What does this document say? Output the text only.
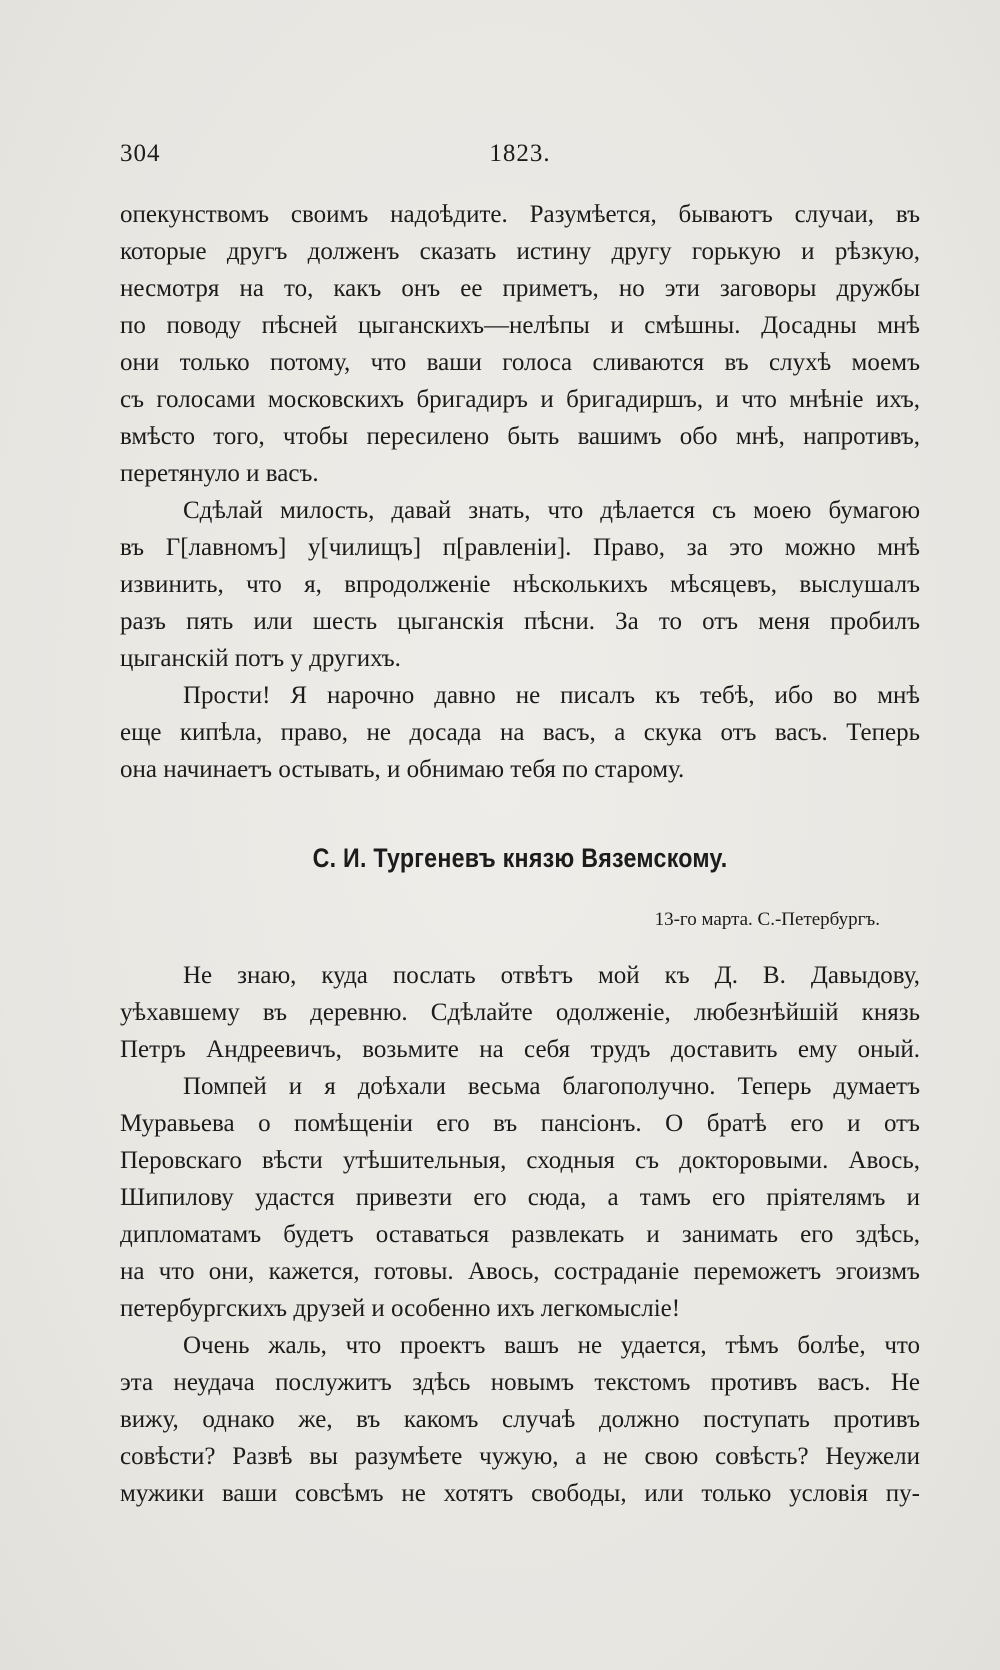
304	1823.
опекунствомъ своимъ надоѣдите. Разумѣется, бываютъ случаи, въ
которые другъ долженъ сказать истину другу горькую и рѣзкую,
несмотря на то, какъ онъ ее приметъ, но эти заговоры дружбы
по поводу пѣсней цыганскихъ—нелѣпы и смѣшны. Досадны мнѣ
они только потому, что ваши голоса сливаются въ слухѣ моемъ
съ голосами московскихъ бригадиръ и бригадиршъ, и что мнѣніе ихъ,
вмѣсто того, чтобы пересилено быть вашимъ обо мнѣ, напротивъ,
перетянуло и васъ.
Сдѣлай милость, давай знать, что дѣлается съ моею бумагою
въ Г[лавномъ] у[чилищъ] п[равленіи]. Право, за это можно мнѣ
извинить, что я, впродолженіе нѣсколькихъ мѣсяцевъ, выслушалъ
разъ пять или шесть цыганскія пѣсни. За то отъ меня пробилъ
цыганскій потъ у другихъ.
Прости! Я нарочно давно не писалъ къ тебѣ, ибо во мнѣ
еще кипѣла, право, не досада на васъ, а скука отъ васъ. Теперь
она начинаетъ остывать, и обнимаю тебя по старому.
С. И. Тургеневъ князю Вяземскому.
13-го марта. С.-Петербургъ.
Не знаю, куда послать отвѣтъ мой къ Д. В. Давыдову,
уѣхавшему въ деревню. Сдѣлайте одолженіе, любезнѣйшій князь
Петръ Андреевичъ, возьмите на себя трудъ доставить ему оный.
Помпей и я доѣхали весьма благополучно. Теперь думаетъ
Муравьева о помѣщеніи его въ пансіонъ. О братѣ его и отъ
Перовскаго вѣсти утѣшительныя, сходныя съ докторовыми. Авось,
Шипилову удастся привезти его сюда, а тамъ его пріятелямъ и
дипломатамъ будетъ оставаться развлекать и занимать его здѣсь,
на что они, кажется, готовы. Авось, состраданіе переможетъ эгоизмъ
петербургскихъ друзей и особенно ихъ легкомысліе!
Очень жаль, что проектъ вашъ не удается, тѣмъ болѣе, что
эта неудача послужитъ здѣсь новымъ текстомъ противъ васъ. Не
вижу, однако же, въ какомъ случаѣ должно поступать противъ
совѣсти? Развѣ вы разумѣете чужую, а не свою совѣсть? Неужели
мужики ваши совсѣмъ не хотятъ свободы, или только условія пу-
